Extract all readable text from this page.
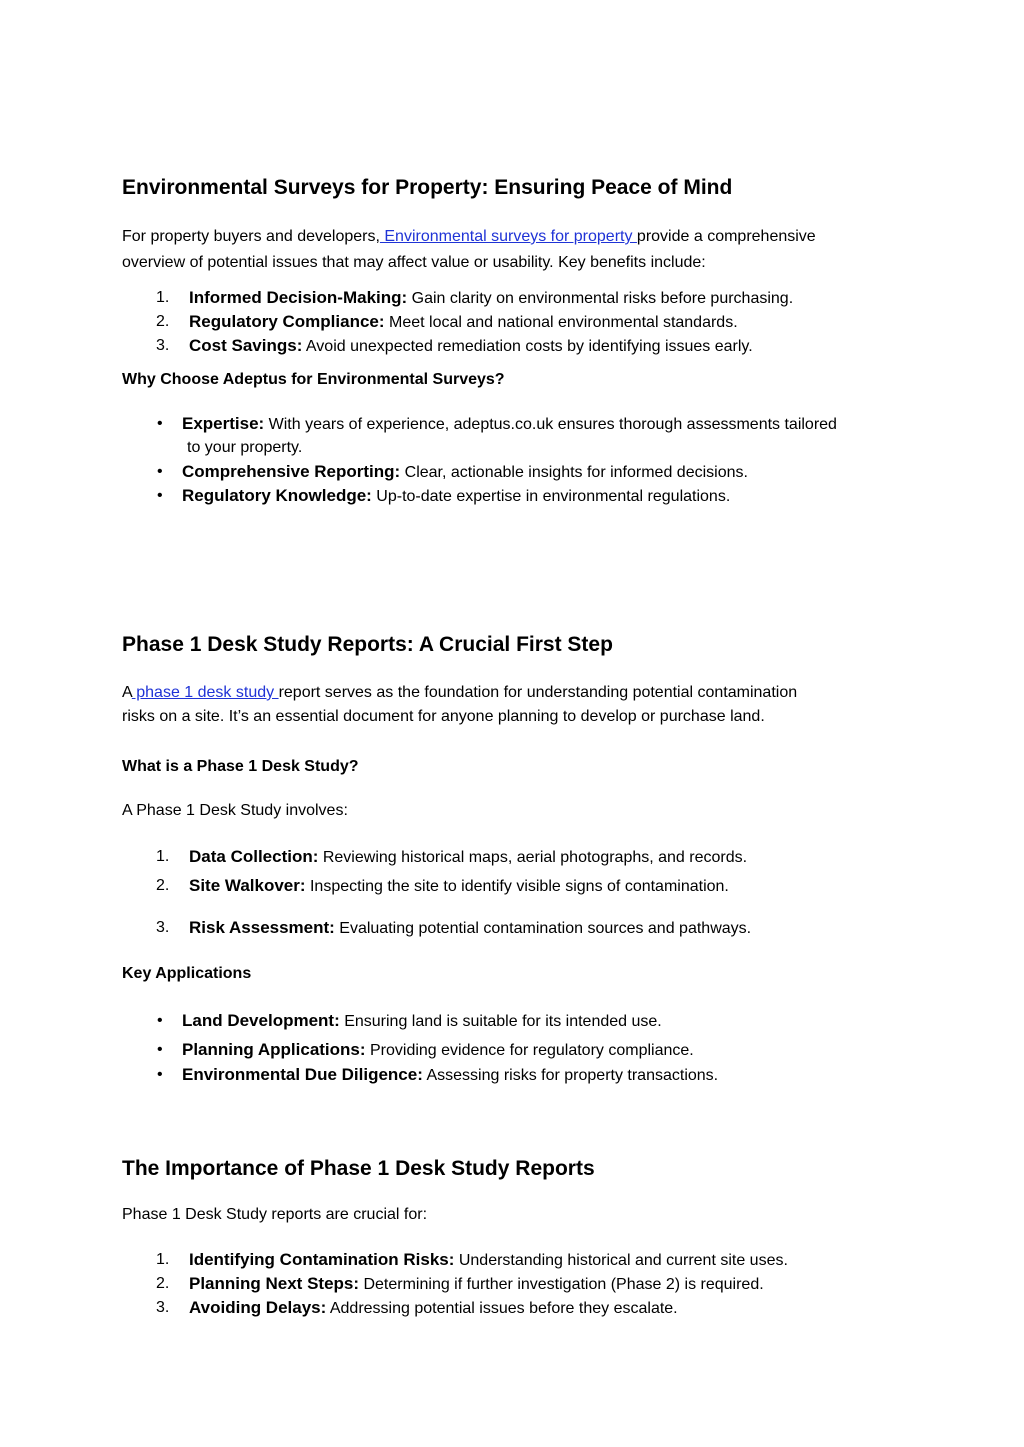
Environmental Surveys for Property: Ensuring Peace of Mind

For property buyers and developers, Environmental surveys for property provide a comprehensive

overview of potential issues that may affect value or usability. Key benefits include:

1. Informed Decision-Making: Gain clarity on environmental risks before purchasing.
2. Regulatory Compliance: Meet local and national environmental standards.
3. Cost Savings: Avoid unexpected remediation costs by identifying issues early.
Why Choose Adeptus for Environmental Surveys?
• Expertise: With years of experience, adeptus.co.uk ensures thorough assessments tailored
to your property.
• Comprehensive Reporting: Clear, actionable insights for informed decisions.
• Regulatory Knowledge: Up-to-date expertise in environmental regulations.
Phase 1 Desk Study Reports: A Crucial First Step

A phase 1 desk study report serves as the foundation for understanding potential contamination

risks on a site. It’s an essential document for anyone planning to develop or purchase land.

What is a Phase 1 Desk Study?

A Phase 1 Desk Study involves:

1. Data Collection: Reviewing historical maps, aerial photographs, and records.
2. Site Walkover: Inspecting the site to identify visible signs of contamination.
3. Risk Assessment: Evaluating potential contamination sources and pathways.
Key Applications
• Land Development: Ensuring land is suitable for its intended use.
• Planning Applications: Providing evidence for regulatory compliance.
• Environmental Due Diligence: Assessing risks for property transactions.
The Importance of Phase 1 Desk Study Reports

Phase 1 Desk Study reports are crucial for:

1. Identifying Contamination Risks: Understanding historical and current site uses.
2. Planning Next Steps: Determining if further investigation (Phase 2) is required.
3. Avoiding Delays: Addressing potential issues before they escalate.
